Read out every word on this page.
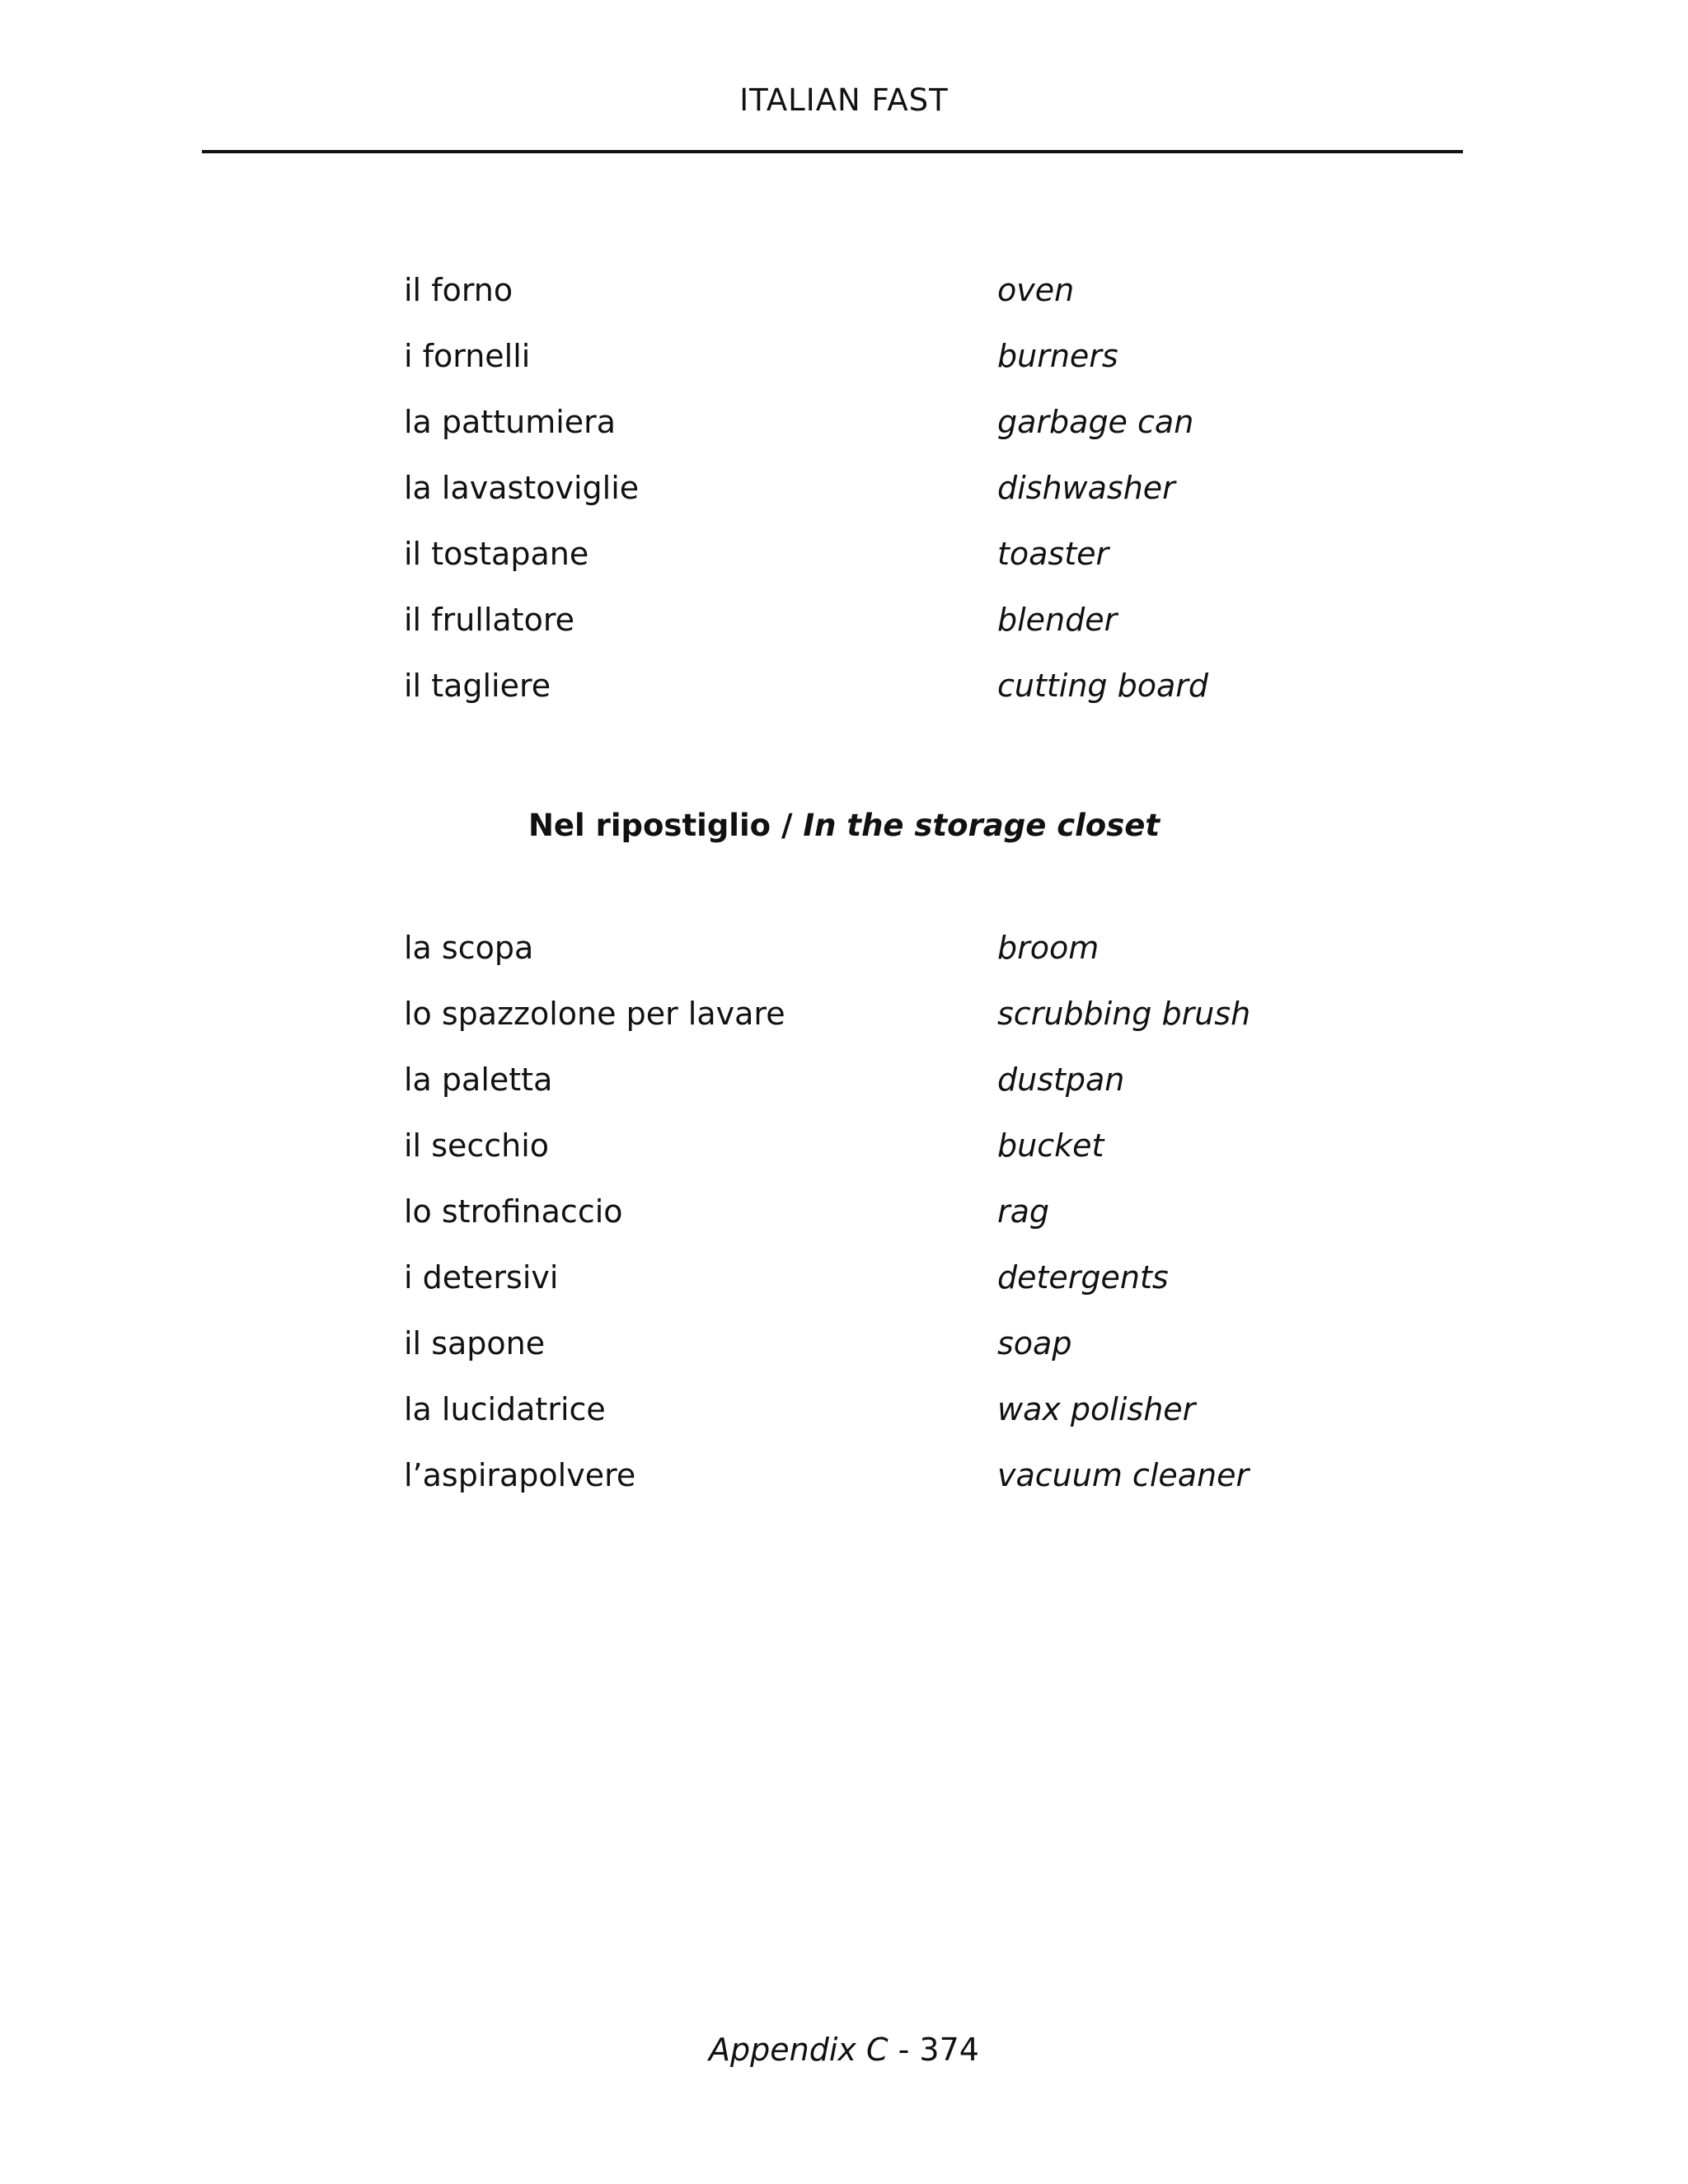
ITALIAN FAST
il forno	oven
i fornelli	burners
la pattumiera	garbage can
la lavastoviglie	dishwasher
il tostapane	toaster
il frullatore	blender
il tagliere	cutting board
Nel ripostiglio / In the storage closet
la scopa	broom
lo spazzolone per lavare	scrubbing brush
la paletta	dustpan
il secchio	bucket
lo strofinaccio	rag
i detersivi	detergents
il sapone	soap
la lucidatrice	wax polisher
l’aspirapolvere	vacuum cleaner
Appendix C - 374
